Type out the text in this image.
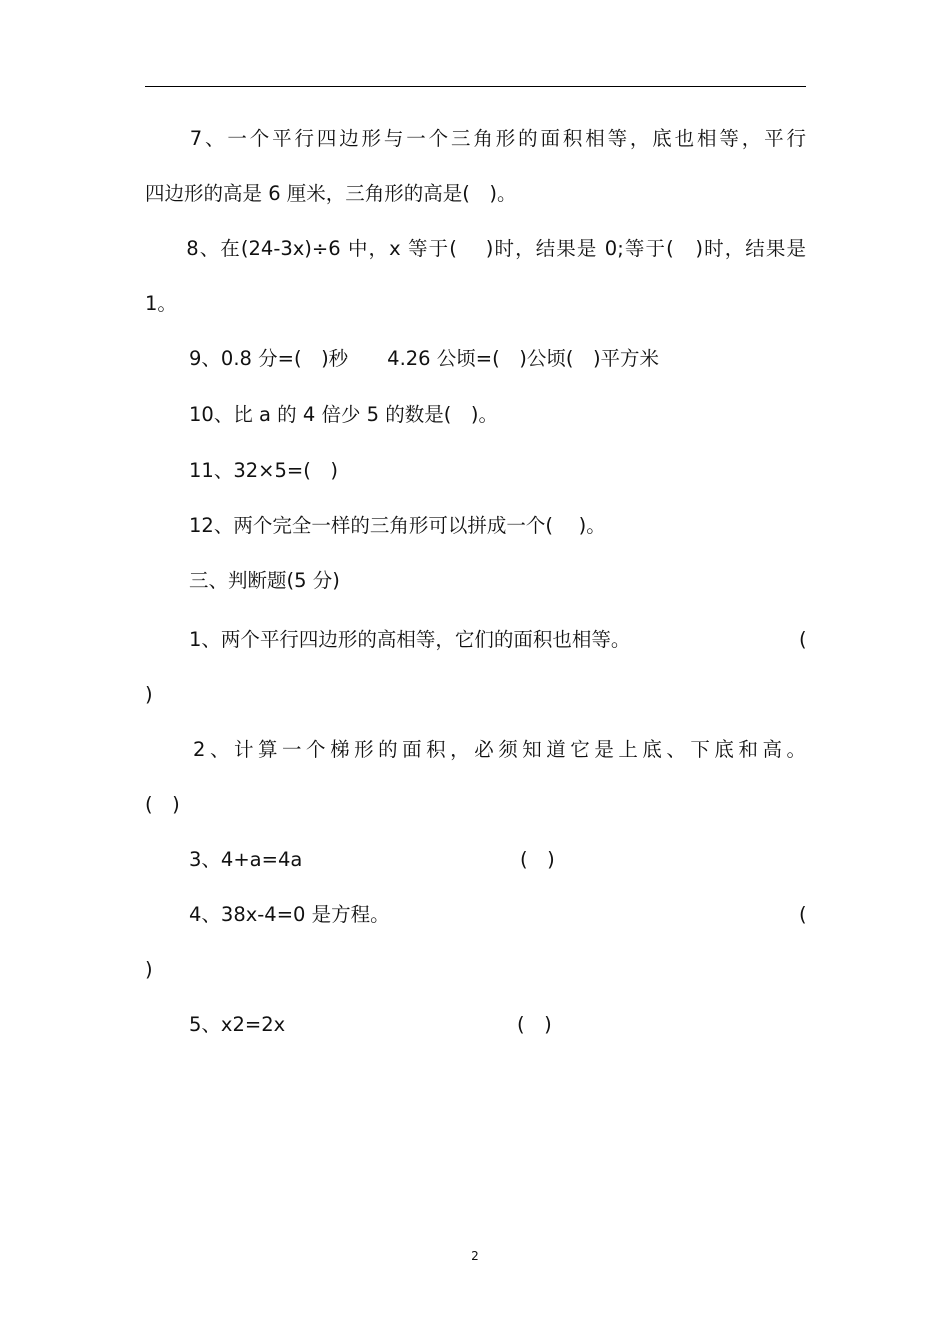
　　7、一个平行四边形与一个三角形的面积相等，底也相等，平行
四边形的高是 6 厘米，三角形的高是(　)。
　　8、在(24-3x)÷6 中，x 等于(　 )时，结果是 0;等于(　)时，结果是
1。
9、0.8 分=(　)秒　　4.26 公顷=(　)公顷(　)平方米
10、比 a 的 4 倍少 5 的数是(　)。
11、32×5=(　)
12、两个完全一样的三角形可以拼成一个(　 )。
三、判断题(5 分)
1、两个平行四边形的高相等，它们的面积也相等。	(
)
　　2、计算一个梯形的面积，必须知道它是上底、下底和高。
(　)
3、4+a=4a	(　)
4、38x-4=0 是方程。	(
)
5、x2=2x	(　)
2
